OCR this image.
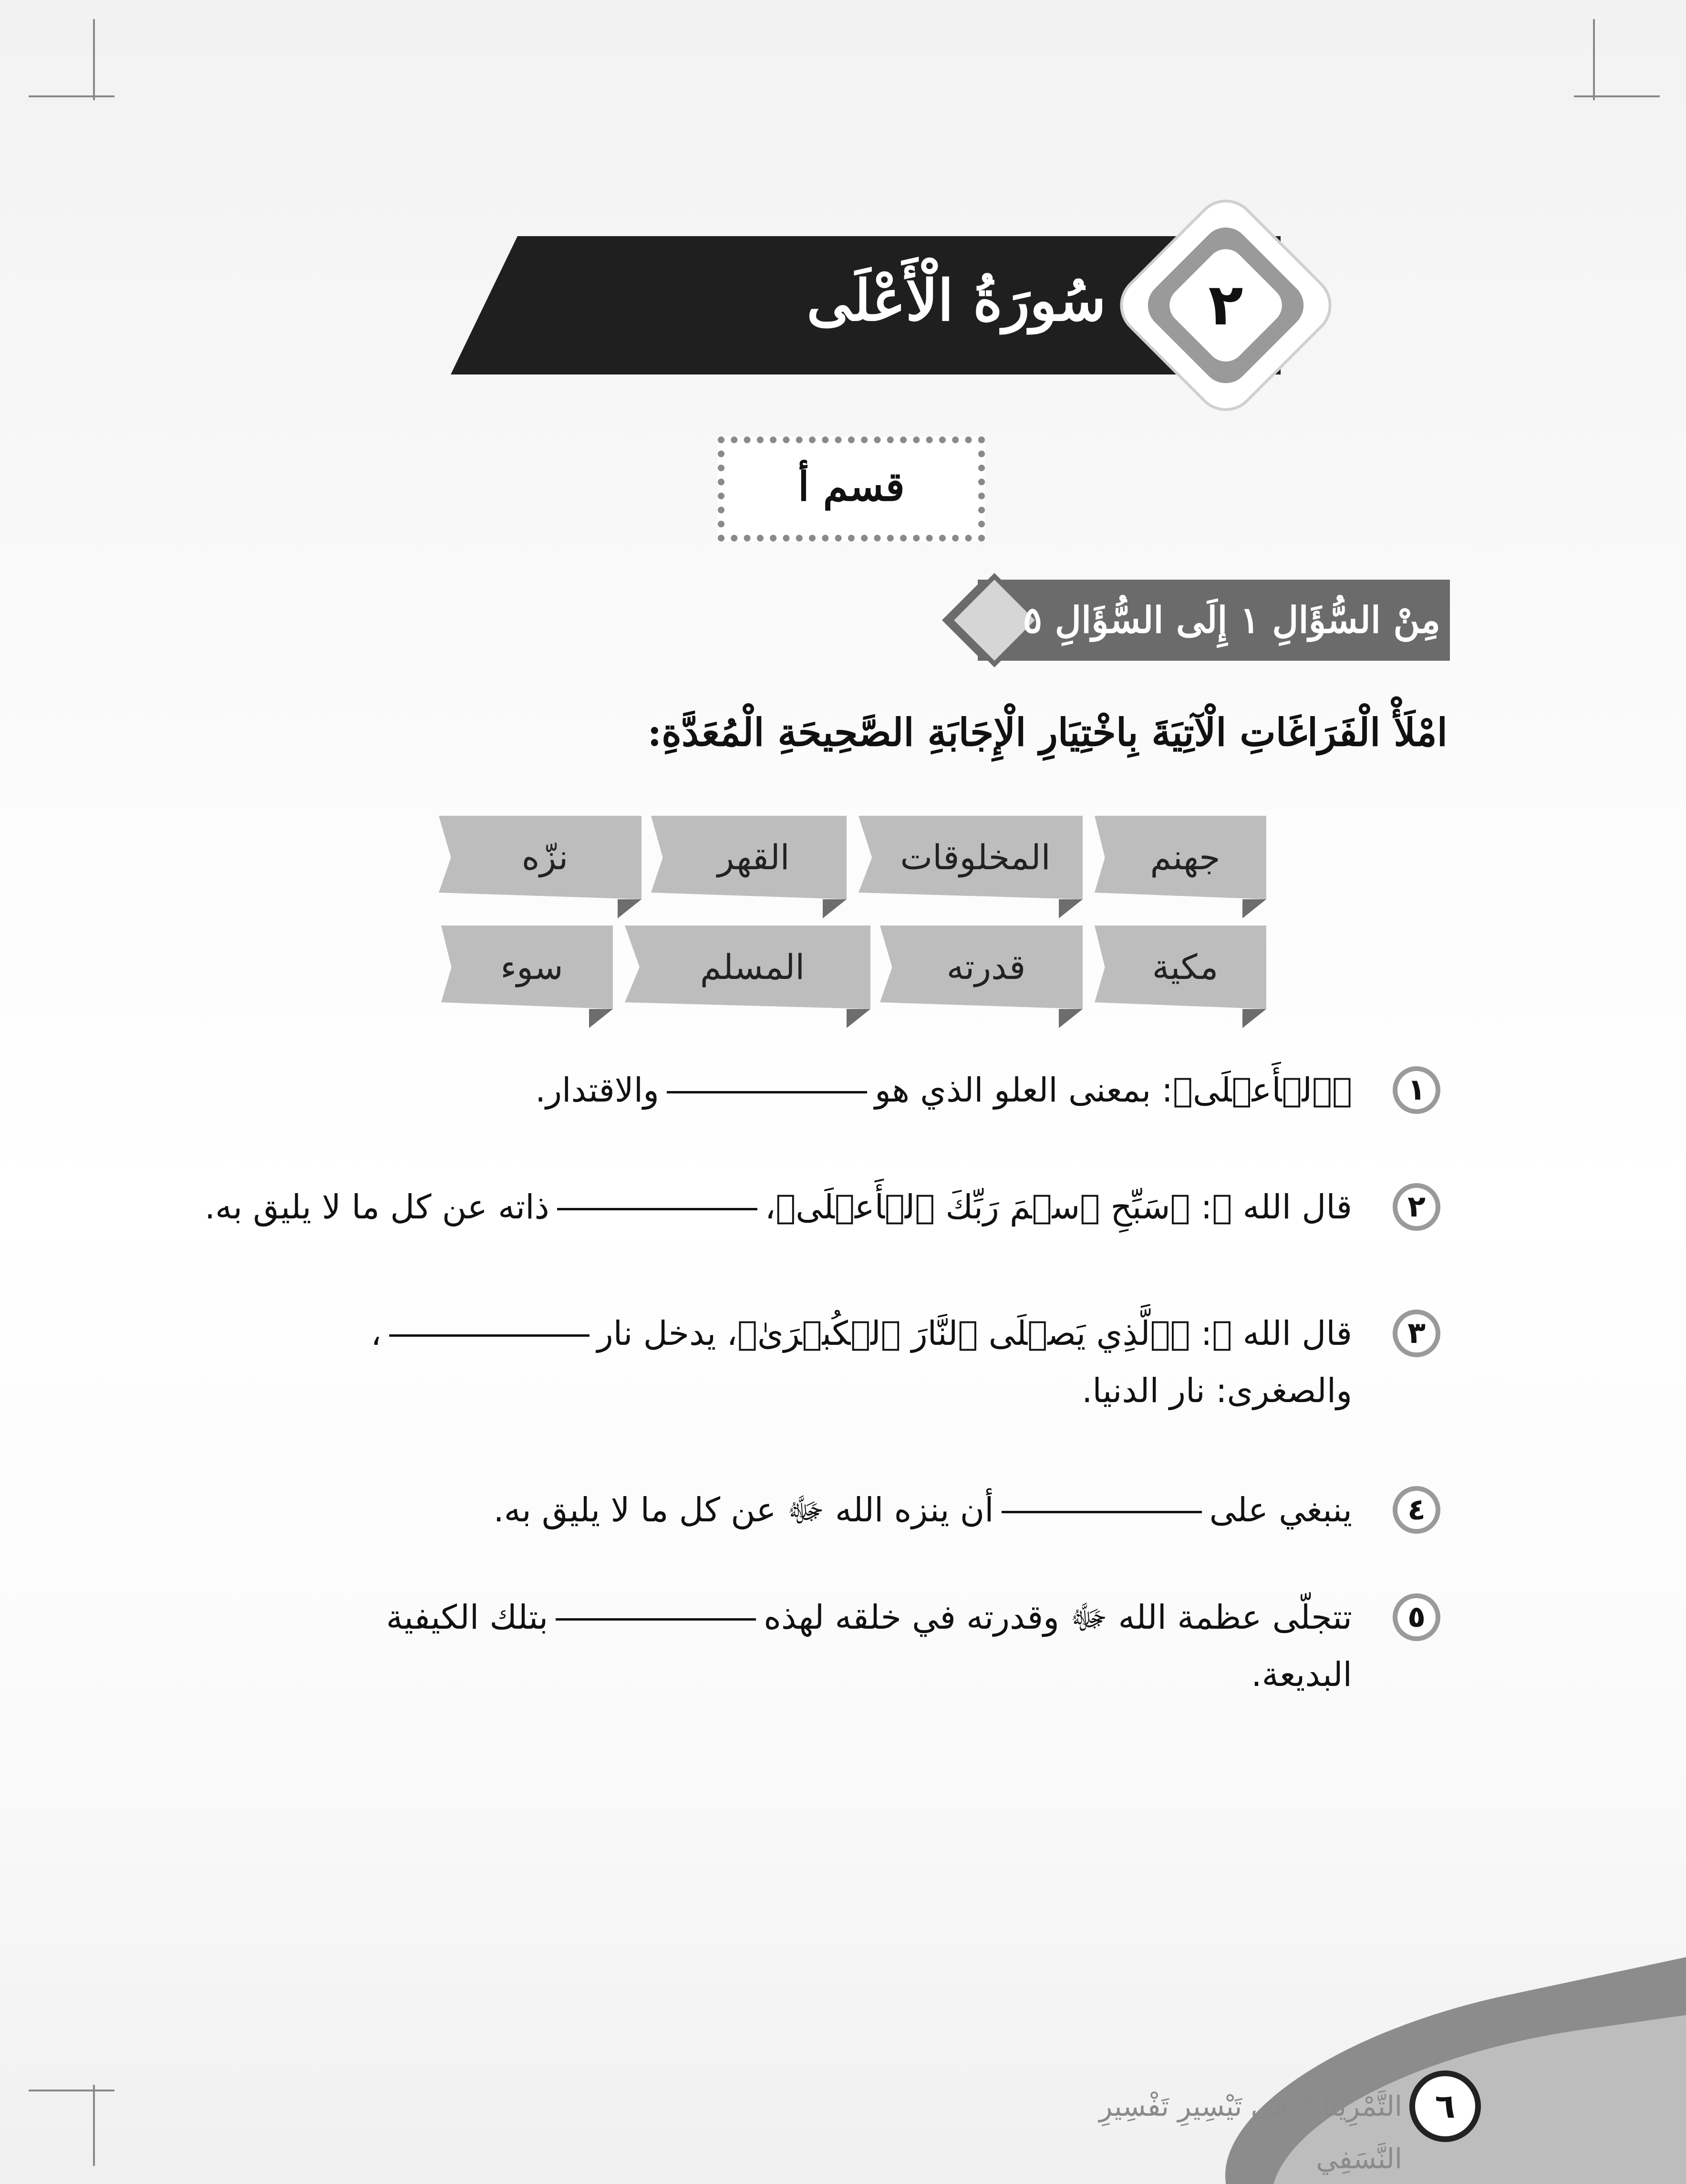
سُورَةُ الْأَعْلَى	٢
قسم أ
مِنْ السُّؤَالِ ١ إِلَى السُّؤَالِ ٥
امْلَأْ الْفَرَاغَاتِ الْآتِيَةَ بِاخْتِيَارِ الْإِجَابَةِ الصَّحِيحَةِ الْمُعَدَّةِ:
جهنم
المخلوقات
القهر
نزّه
مكية
قدرته
المسلم
سوء
١
﴿ٱلۡأَعۡلَى﴾: بمعنى العلو الذي هووالاقتدار.
٢
قال الله ﷻ: ﴿سَبِّحِ ٱسۡمَ رَبِّكَ ٱلۡأَعۡلَى﴾،ذاته عن كل ما لا يليق به.
٣
قال الله ﷻ: ﴿ٱلَّذِي يَصۡلَى ٱلنَّارَ ٱلۡكُبۡرَىٰ﴾، يدخل نار،
والصغرى: نار الدنيا.
٤
ينبغي علىأن ينزه الله ﷻ عن كل ما لا يليق به.
٥
تتجلّى عظمة الله ﷻ وقدرته في خلقه لهذهبتلك الكيفية
البديعة.
٦
التَّمْرِينَاتُ فِي تَيْسِيرِ تَفْسِيرِ النَّسَفِي
